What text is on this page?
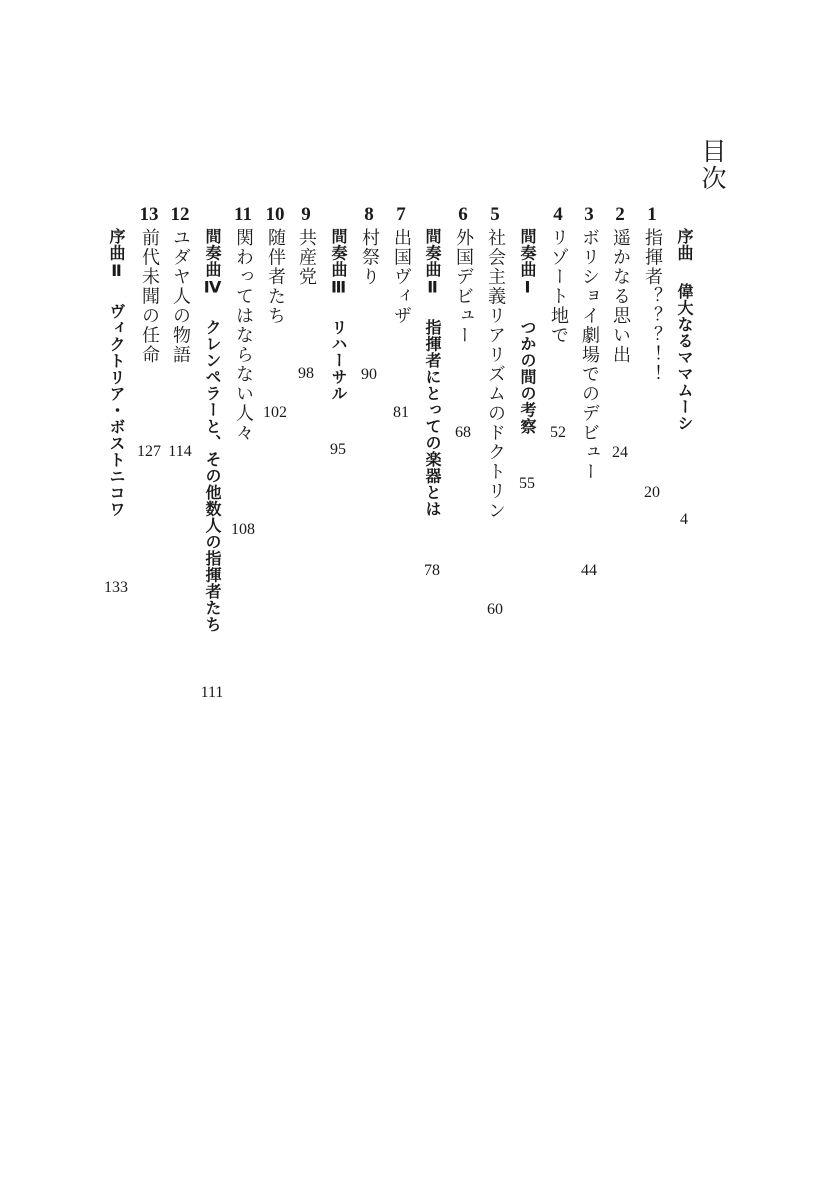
目次
序曲偉大なるママムーシ
4
1
指揮者？？？！！
20
2
遥かなる思い出
24
3
ボリショイ劇場でのデビュー
44
4
リゾート地で
52
間奏曲Ⅰつかの間の考察
55
5
社会主義リアリズムのドクトリン
60
6
外国デビュー
68
間奏曲Ⅱ指揮者にとっての楽器とは
78
7
出国ヴィザ
81
8
村祭り
90
間奏曲Ⅲリハーサル
95
9
共産党
98
10
随伴者たち
102
11
関わってはならない人々
108
間奏曲Ⅳクレンペラーと、その他数人の指揮者たち
111
12
ユダヤ人の物語
114
13
前代未聞の任命
127
序曲Ⅱヴィクトリア・ボストニコワ
133
